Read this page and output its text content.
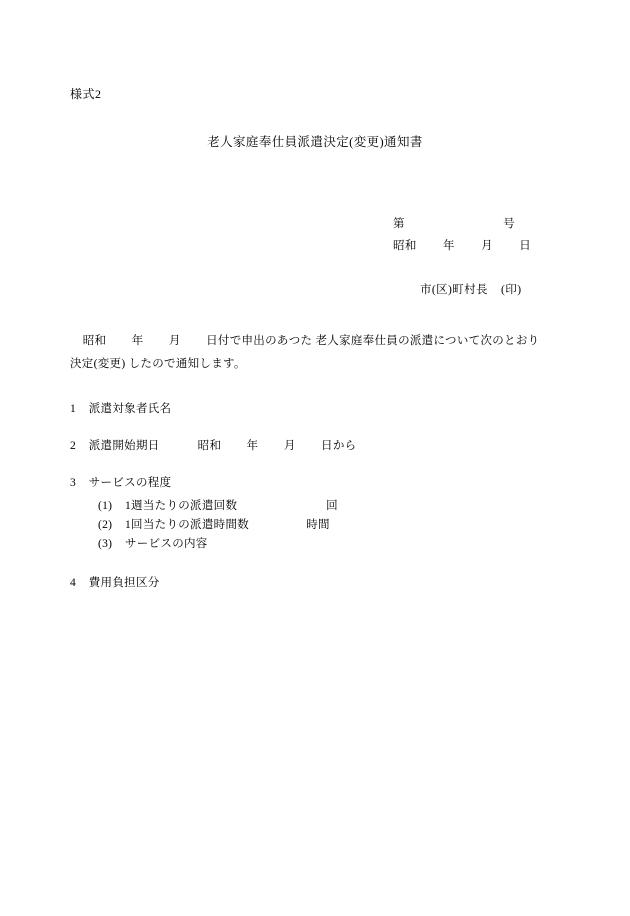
様式2
老人家庭奉仕員派遣決定(変更)通知書
第                              号
昭和        年        月        日
市(区)町村長    (印)
昭和        年        月        日付で申出のあつた 老人家庭奉仕員の派遣について次のとおり
決定(変更) したので通知します。
1    派遣対象者氏名
2    派遣開始期日            昭和        年        月        日から
3    サービスの程度
(1)    1週当たりの派遣回数                            回
(2)    1回当たりの派遣時間数                  時間
(3)    サービスの内容
4    費用負担区分
